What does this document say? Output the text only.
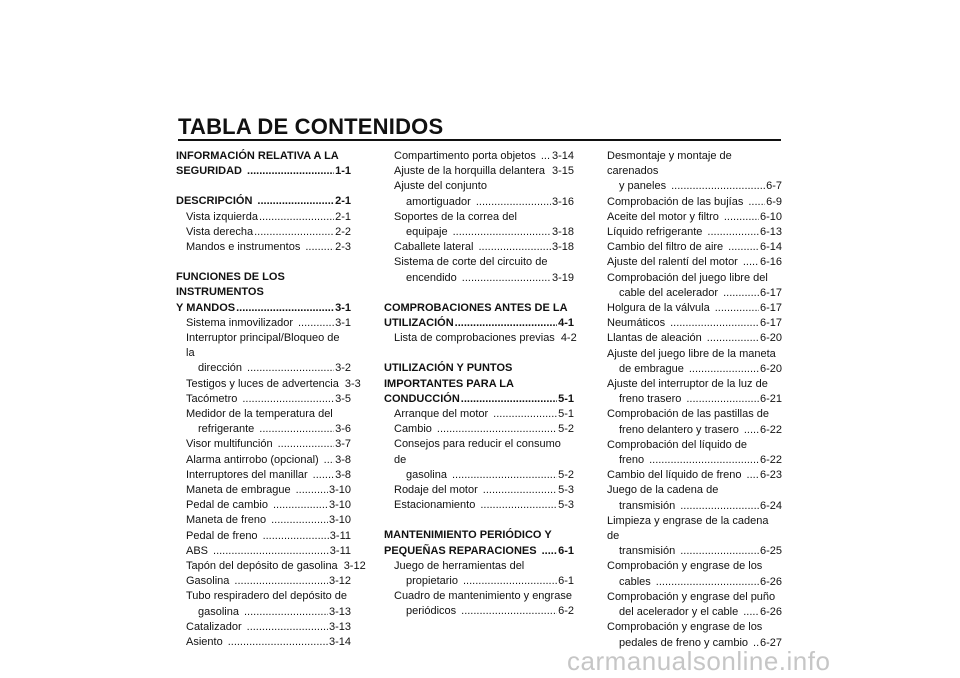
TABLA DE CONTENIDOS
INFORMACIÓN RELATIVA A LA
SEGURIDAD .....	1-1
DESCRIPCIÓN .....	2-1
Vista izquierda .....	2-1
Vista derecha .....	2-2
Mandos e instrumentos .....	2-3
FUNCIONES DE LOS INSTRUMENTOS
Y MANDOS .....	3-1
Sistema inmovilizador .....	3-1
Interruptor principal/Bloqueo de la
dirección .....	3-2
Testigos y luces de advertencia 3-3
Tacómetro .....	3-5
Medidor de la temperatura del
refrigerante .....	3-6
Visor multifunción .....	3-7
Alarma antirrobo (opcional) ..... 3-8
Interruptores del manillar ..... 3-8
Maneta de embrague .....	3-10
Pedal de cambio .....	3-10
Maneta de freno .....	3-10
Pedal de freno .....	3-11
ABS .....	3-11
Tapón del depósito de gasolina 3-12
Gasolina .....	3-12
Tubo respiradero del depósito de
gasolina .....	3-13
Catalizador .....	3-13
Asiento .....	3-14
Compartimento porta objetos ..... 3-14
Ajuste de la horquilla delantera ..... 3-15
Ajuste del conjunto
amortiguador .....	3-16
Soportes de la correa del
equipaje .....	3-18
Caballete lateral .....	3-18
Sistema de corte del circuito de
encendido .....	3-19
COMPROBACIONES ANTES DE LA
UTILIZACIÓN .....	4-1
Lista de comprobaciones previas 4-2
UTILIZACIÓN Y PUNTOS
IMPORTANTES PARA LA
CONDUCCIÓN .....	5-1
Arranque del motor .....	5-1
Cambio .....	5-2
Consejos para reducir el consumo de
gasolina .....	5-2
Rodaje del motor .....	5-3
Estacionamiento .....	5-3
MANTENIMIENTO PERIÓDICO Y
PEQUEÑAS REPARACIONES ..... 6-1
Juego de herramientas del
propietario .....	6-1
Cuadro de mantenimiento y engrase
periódicos .....	6-2
Desmontaje y montaje de carenados
y paneles .....	6-7
Comprobación de las bujías ..... 6-9
Aceite del motor y filtro .....	6-10
Líquido refrigerante .....	6-13
Cambio del filtro de aire .....	6-14
Ajuste del ralentí del motor ..... 6-16
Comprobación del juego libre del
cable del acelerador .....	6-17
Holgura de la válvula .....	6-17
Neumáticos .....	6-17
Llantas de aleación .....	6-20
Ajuste del juego libre de la maneta
de embrague .....	6-20
Ajuste del interruptor de la luz de
freno trasero .....	6-21
Comprobación de las pastillas de
freno delantero y trasero ..... 6-22
Comprobación del líquido de
freno .....	6-22
Cambio del líquido de freno ..... 6-23
Juego de la cadena de
transmisión .....	6-24
Limpieza y engrase de la cadena de
transmisión .....	6-25
Comprobación y engrase de los
cables .....	6-26
Comprobación y engrase del puño
del acelerador y el cable ..... 6-26
Comprobación y engrase de los
pedales de freno y cambio ..... 6-27
carmanualsonline.info
